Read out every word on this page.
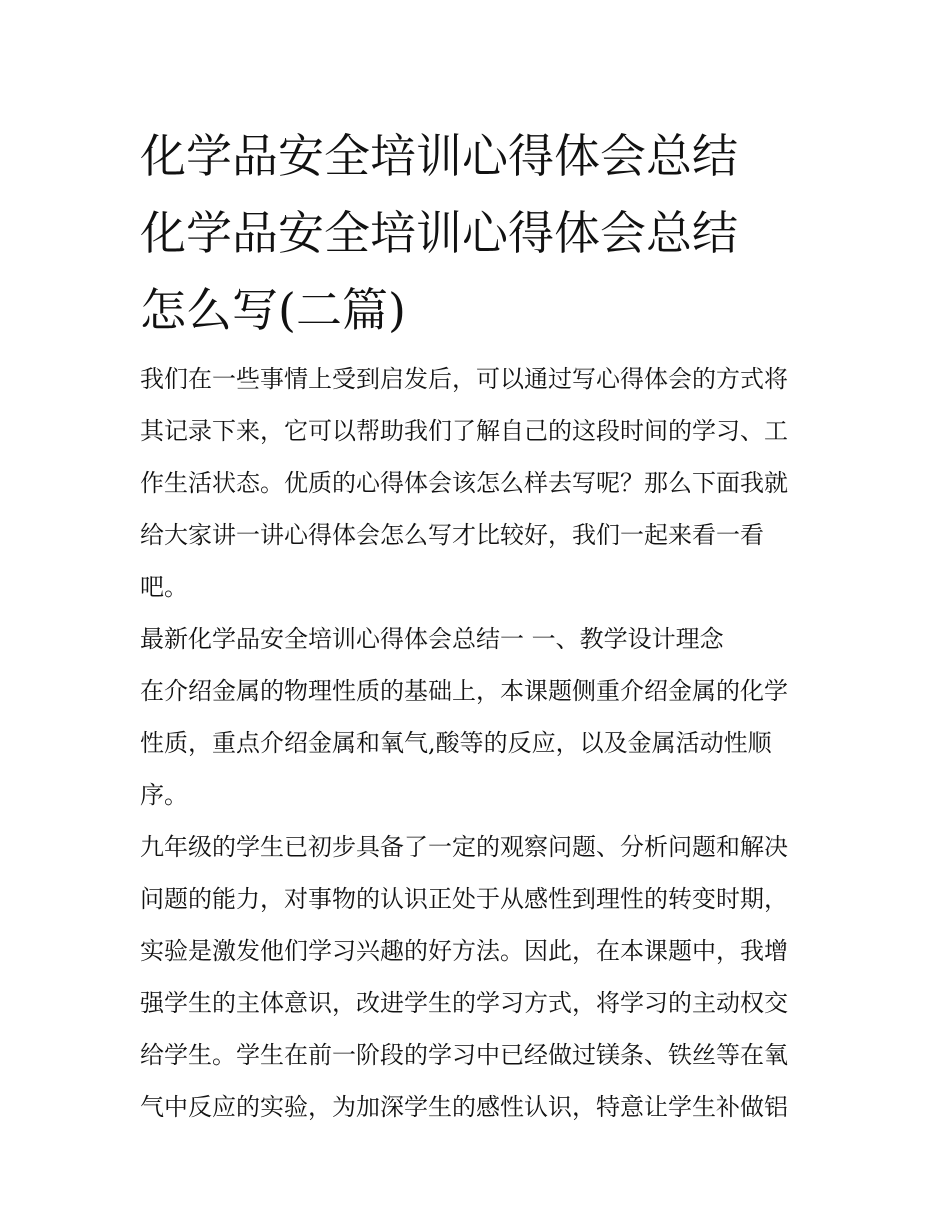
化学品安全培训心得体会总结
化学品安全培训心得体会总结
怎么写(二篇)
我们在一些事情上受到启发后，可以通过写心得体会的方式将
其记录下来，它可以帮助我们了解自己的这段时间的学习、工
作生活状态。优质的心得体会该怎么样去写呢？那么下面我就
给大家讲一讲心得体会怎么写才比较好，我们一起来看一看
吧。
最新化学品安全培训心得体会总结一 一、教学设计理念
在介绍金属的物理性质的基础上，本课题侧重介绍金属的化学
性质，重点介绍金属和氧气,酸等的反应，以及金属活动性顺
序。
九年级的学生已初步具备了一定的观察问题、分析问题和解决
问题的能力，对事物的认识正处于从感性到理性的转变时期，
实验是激发他们学习兴趣的好方法。因此，在本课题中，我增
强学生的主体意识，改进学生的学习方式，将学习的主动权交
给学生。学生在前一阶段的学习中已经做过镁条、铁丝等在氧
气中反应的实验，为加深学生的感性认识，特意让学生补做铝
